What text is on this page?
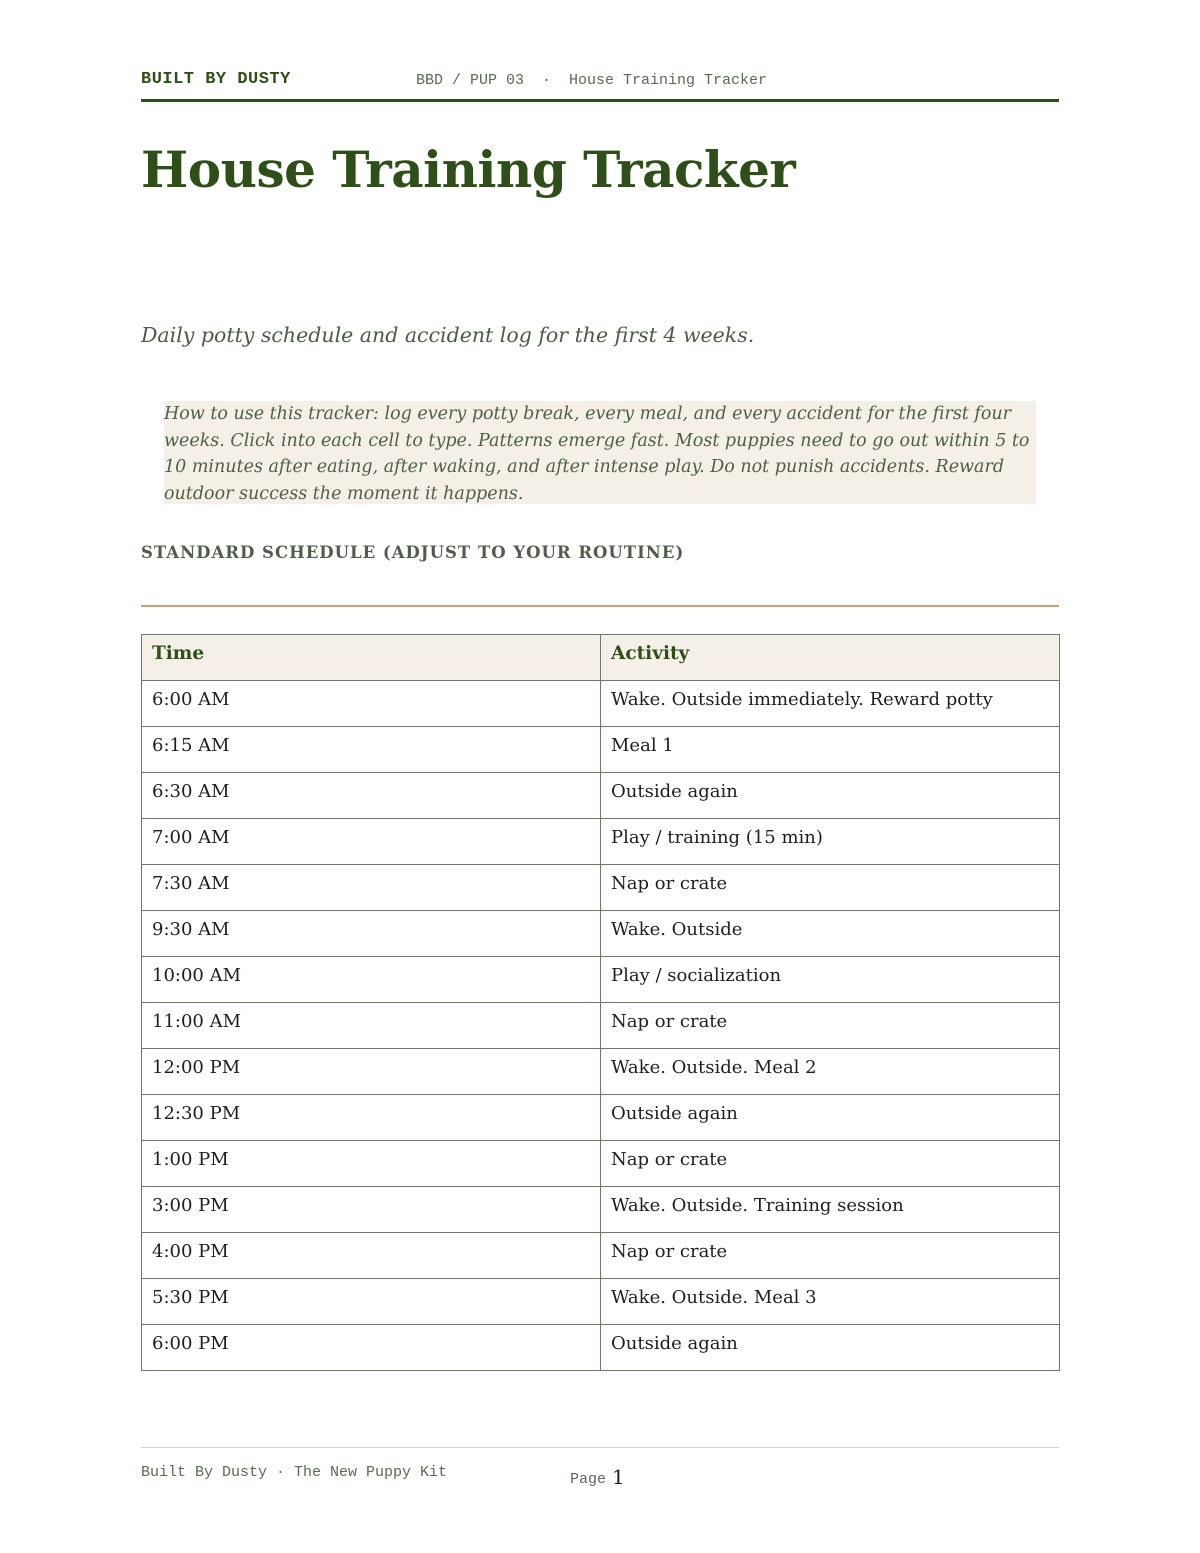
BUILT BY DUSTY	BBD / PUP 03  ·  House Training Tracker
House Training Tracker

Daily potty schedule and accident log for the first 4 weeks.

How to use this tracker: log every potty break, every meal, and every accident for the first four weeks. Click into each cell to type. Patterns emerge fast. Most puppies need to go out within 5 to 10 minutes after eating, after waking, and after intense play. Do not punish accidents. Reward outdoor success the moment it happens.

STANDARD SCHEDULE (ADJUST TO YOUR ROUTINE)
Time	Activity
6:00 AM	Wake. Outside immediately. Reward potty
6:15 AM	Meal 1
6:30 AM	Outside again
7:00 AM	Play / training (15 min)
7:30 AM	Nap or crate
9:30 AM	Wake. Outside
10:00 AM	Play / socialization
11:00 AM	Nap or crate
12:00 PM	Wake. Outside. Meal 2
12:30 PM	Outside again
1:00 PM	Nap or crate
3:00 PM	Wake. Outside. Training session
4:00 PM	Nap or crate
5:30 PM	Wake. Outside. Meal 3
6:00 PM	Outside again
Built By Dusty · The New Puppy Kit	Page 1
